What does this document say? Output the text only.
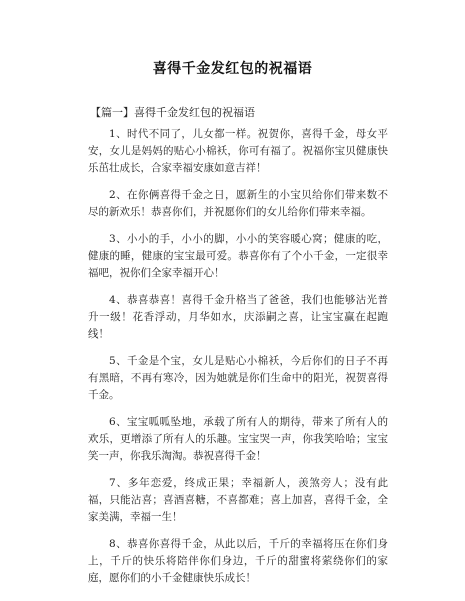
喜得千金发红包的祝福语

【篇一】喜得千金发红包的祝福语

1、时代不同了，儿女都一样。祝贺你，喜得千金，母女平安，女儿是妈妈的贴心小棉袄，你可有福了。祝福你宝贝健康快乐茁壮成长，合家幸福安康如意吉祥！

2、在你俩喜得千金之日，愿新生的小宝贝给你们带来数不尽的新欢乐！恭喜你们，并祝愿你们的女儿给你们带来幸福。

3、小小的手，小小的脚，小小的笑容暖心窝；健康的吃，健康的睡，健康的宝宝最可爱。恭喜你有了个小千金，一定很幸福吧，祝你们全家幸福开心！

4、恭喜恭喜！喜得千金升格当了爸爸，我们也能够沾光普升一级！花香浮动，月华如水，庆添嗣之喜，让宝宝赢在起跑线！

5、千金是个宝，女儿是贴心小棉袄，今后你们的日子不再有黑暗，不再有寒冷，因为她就是你们生命中的阳光，祝贺喜得千金。

6、宝宝呱呱坠地，承载了所有人的期待，带来了所有人的欢乐，更增添了所有人的乐趣。宝宝哭一声，你我笑哈哈；宝宝笑一声，你我乐淘淘。恭祝喜得千金！

7、多年恋爱，终成正果；幸福新人，羡煞旁人；没有此福，只能沾喜；喜酒喜糖，不喜都难；喜上加喜，喜得千金，全家美满，幸福一生！

8、恭喜你喜得千金，从此以后，千斤的幸福将压在你们身上，千斤的快乐将陪伴你们身边，千斤的甜蜜将萦绕你们的家庭，愿你们的小千金健康快乐成长！
